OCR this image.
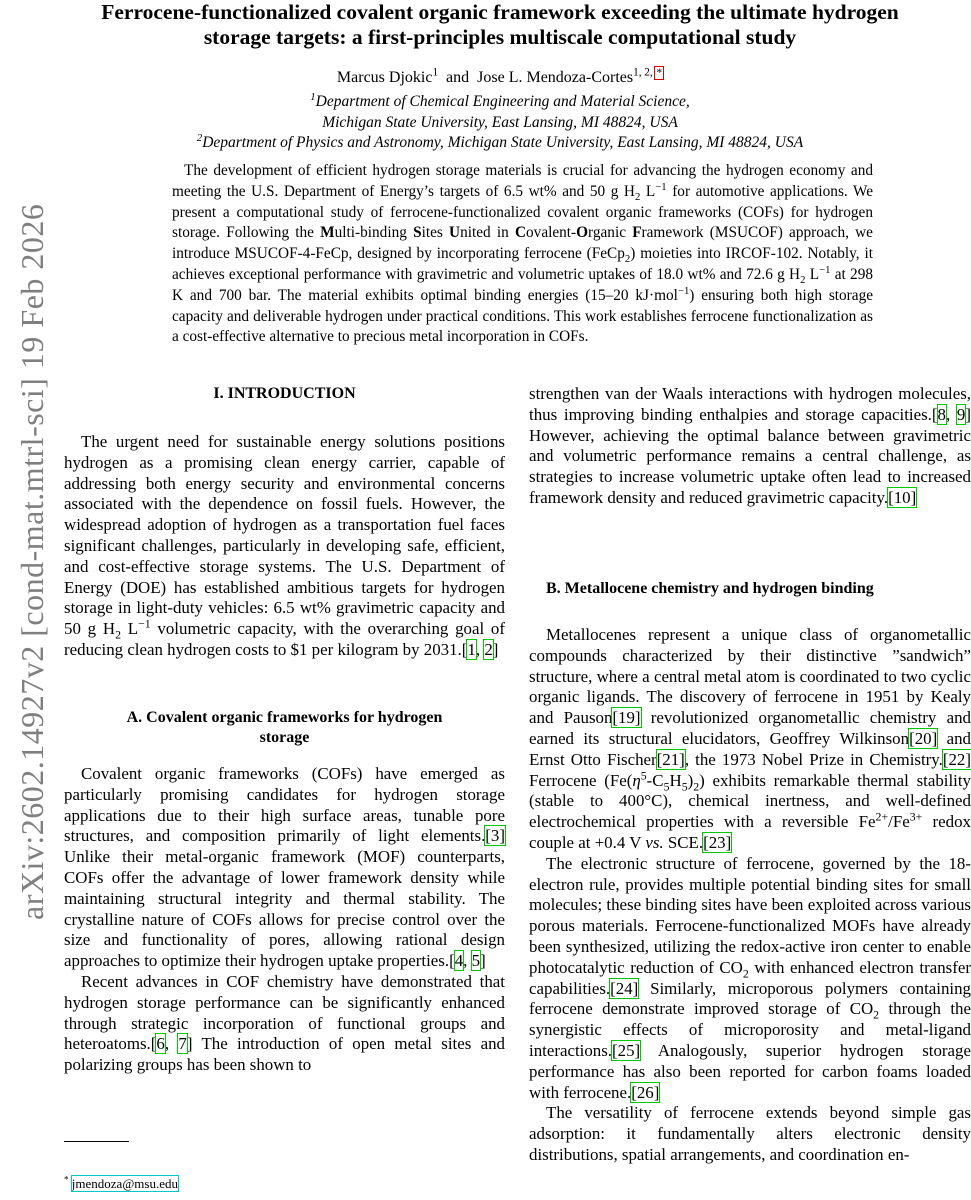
arXiv:2602.14927v2 [cond-mat.mtrl-sci] 19 Feb 2026
Ferrocene-functionalized covalent organic framework exceeding the ultimate hydrogen
storage targets: a first-principles multiscale computational study
Marcus Djokic$^1$ and Jose L. Mendoza-Cortes$^{1, 2, *}$
$^1$Department of Chemical Engineering and Material Science,
Michigan State University, East Lansing, MI 48824, USA
$^2$Department of Physics and Astronomy, Michigan State University, East Lansing, MI 48824, USA
The development of efficient hydrogen storage materials is crucial for advancing the hydrogen economy and meeting the U.S. Department of Energy’s targets of 6.5 wt% and 50 g $H_2$ $L^{-1}$ for automotive applications. We present a computational study of ferrocene-functionalized covalent organic frameworks (COFs) for hydrogen storage. Following the Multi-binding Sites United in Covalent-Organic Framework (MSUCOF) approach, we introduce MSUCOF-4-FeCp, designed by incorporating ferrocene (FeCp$_2$) moieties into IRCOF-102. Notably, it achieves exceptional performance with gravimetric and volumetric uptakes of 18.0 wt% and 72.6 g $H_2$ $L^{-1}$ at 298 K and 700 bar. The material exhibits optimal binding energies (15–20 kJ·mol$^{-1}$) ensuring both high storage capacity and deliverable hydrogen under practical conditions. This work establishes ferrocene functionalization as a cost-effective alternative to precious metal incorporation in COFs.
I. INTRODUCTION

The urgent need for sustainable energy solutions positions hydrogen as a promising clean energy carrier, capable of addressing both energy security and environmental concerns associated with the dependence on fossil fuels. However, the widespread adoption of hydrogen as a transportation fuel faces significant challenges, particularly in developing safe, efficient, and cost-effective storage systems. The U.S. Department of Energy (DOE) has established ambitious targets for hydrogen storage in light-duty vehicles: 6.5 wt% gravimetric capacity and 50 g $H_2$ $L^{-1}$ volumetric capacity, with the overarching goal of reducing clean hydrogen costs to $1 per kilogram by 2031.[1, 2]

A. Covalent organic frameworks for hydrogen
storage

Covalent organic frameworks (COFs) have emerged as particularly promising candidates for hydrogen storage applications due to their high surface areas, tunable pore structures, and composition primarily of light elements.[3] Unlike their metal-organic framework (MOF) counterparts, COFs offer the advantage of lower framework density while maintaining structural integrity and thermal stability. The crystalline nature of COFs allows for precise control over the size and functionality of pores, allowing rational design approaches to optimize their hydrogen uptake properties.[4, 5]

Recent advances in COF chemistry have demonstrated that hydrogen storage performance can be significantly enhanced through strategic incorporation of functional groups and heteroatoms.[6, 7] The introduction of open metal sites and polarizing groups has been shown to

* jmendoza@msu.edu

strengthen van der Waals interactions with hydrogen molecules, thus improving binding enthalpies and storage capacities.[8, 9] However, achieving the optimal balance between gravimetric and volumetric performance remains a central challenge, as strategies to increase volumetric uptake often lead to increased framework density and reduced gravimetric capacity.[10]

B. Metallocene chemistry and hydrogen binding

Metallocenes represent a unique class of organometallic compounds characterized by their distinctive ”sandwich” structure, where a central metal atom is coordinated to two cyclic organic ligands. The discovery of ferrocene in 1951 by Kealy and Pauson[19] revolutionized organometallic chemistry and earned its structural elucidators, Geoffrey Wilkinson[20] and Ernst Otto Fischer[21], the 1973 Nobel Prize in Chemistry.[22] Ferrocene $(Fe(\eta^5-C_5H_5)_2)$ exhibits remarkable thermal stability (stable to 400°C), chemical inertness, and well-defined electrochemical properties with a reversible $Fe^{2+}/Fe^{3+}$ redox couple at +0.4 V vs. SCE.[23]

The electronic structure of ferrocene, governed by the 18-electron rule, provides multiple potential binding sites for small molecules; these binding sites have been exploited across various porous materials. Ferrocene-functionalized MOFs have already been synthesized, utilizing the redox-active iron center to enable photocatalytic reduction of $CO_2$ with enhanced electron transfer capabilities.[24] Similarly, microporous polymers containing ferrocene demonstrate improved storage of $CO_2$ through the synergistic effects of microporosity and metal-ligand interactions.[25] Analogously, superior hydrogen storage performance has also been reported for carbon foams loaded with ferrocene.[26]

The versatility of ferrocene extends beyond simple gas adsorption: it fundamentally alters electronic density distributions, spatial arrangements, and coordination en-
